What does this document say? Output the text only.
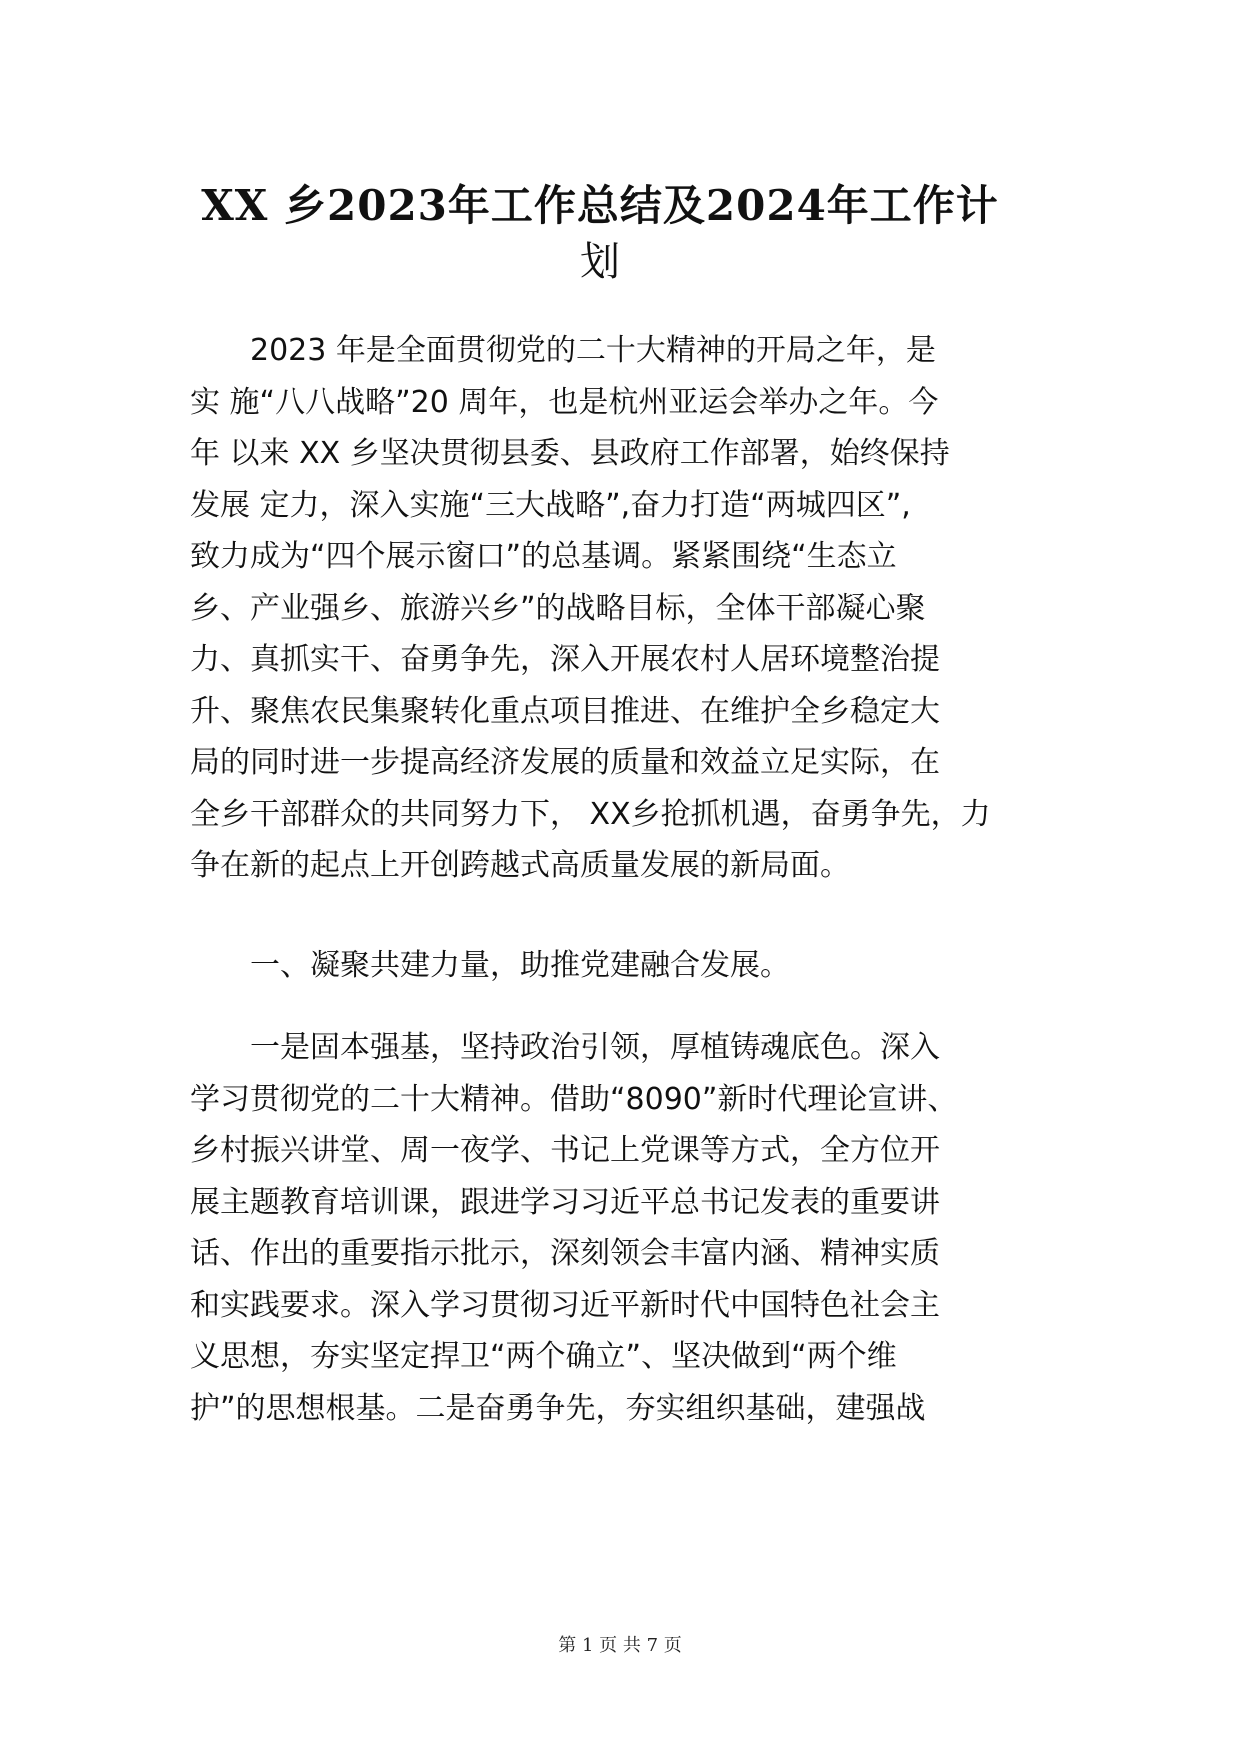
XX 乡2023年工作总结及2024年工作计
划

2023 年是全面贯彻党的二十大精神的开局之年，是
实 施“八八战略”20 周年，也是杭州亚运会举办之年。今
年 以来 XX 乡坚决贯彻县委、县政府工作部署，始终保持
发展 定力，深入实施“三大战略”,奋力打造“两城四区”,
致力成为“四个展示窗口”的总基调。紧紧围绕“生态立
乡、产业强乡、旅游兴乡”的战略目标，全体干部凝心聚
力、真抓实干、奋勇争先，深入开展农村人居环境整治提
升、聚焦农民集聚转化重点项目推进、在维护全乡稳定大
局的同时进一步提高经济发展的质量和效益立足实际，在
全乡干部群众的共同努力下， XX乡抢抓机遇，奋勇争先，力
争在新的起点上开创跨越式高质量发展的新局面。

一、凝聚共建力量，助推党建融合发展。

一是固本强基，坚持政治引领，厚植铸魂底色。深入
学习贯彻党的二十大精神。借助“8090”新时代理论宣讲、
乡村振兴讲堂、周一夜学、书记上党课等方式，全方位开
展主题教育培训课，跟进学习习近平总书记发表的重要讲
话、作出的重要指示批示，深刻领会丰富内涵、精神实质
和实践要求。深入学习贯彻习近平新时代中国特色社会主
义思想，夯实坚定捍卫“两个确立”、坚决做到“两个维
护”的思想根基。二是奋勇争先，夯实组织基础，建强战

第 1 页 共 7 页
